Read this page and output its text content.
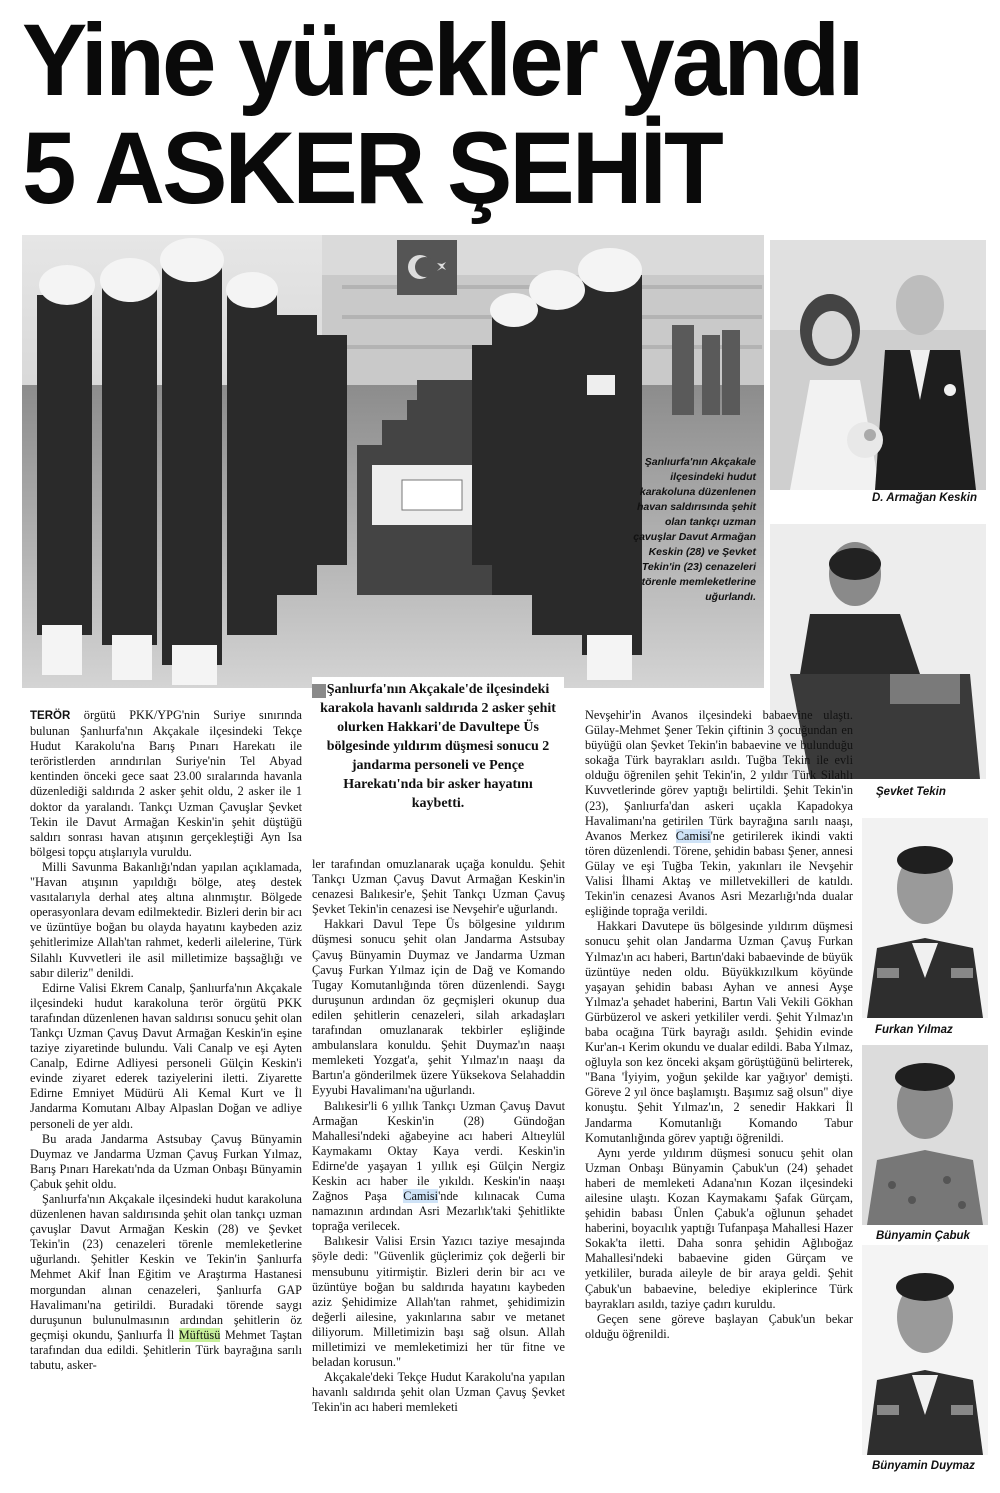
Yine yürekler yandı
5 ASKER ŞEHİT
Şanlıurfa'nın Akçakale ilçesindeki hudut karakoluna düzenlenen havan saldırısında şehit olan tankçı uzman çavuşlar Davut Armağan Keskin (28) ve Şevket Tekin'in (23) cenazeleri törenle memleketlerine uğurlandı.
D. Armağan Keskin
Şevket Tekin
Furkan Yılmaz
Bünyamin Çabuk
Bünyamin Duymaz
Şanlıurfa'nın Akçakale'de ilçesindeki karakola havanlı saldırıda 2 asker şehit olurken Hakkari'de Davultepe Üs bölgesinde yıldırım düşmesi sonucu 2 jandarma personeli ve Pençe Harekatı'nda bir asker hayatını kaybetti.

TERÖR örgütü PKK/YPG'nin Suriye sınırında bulunan Şanlıurfa'nın Akçakale ilçesindeki Tekçe Hudut Karakolu'na Barış Pınarı Harekatı ile teröristlerden arındırılan Suriye'nin Tel Abyad kentinden önceki gece saat 23.00 sıralarında havanla düzenlediği saldırıda 2 asker şehit oldu, 2 asker ile 1 doktor da yaralandı. Tankçı Uzman Çavuşlar Şevket Tekin ile Davut Armağan Keskin'in şehit düştüğü saldırı sonrası havan atışının gerçekleştiği Ayn Isa bölgesi topçu atışlarıyla vuruldu.

Milli Savunma Bakanlığı'ndan yapılan açıklamada, "Havan atışının yapıldığı bölge, ateş destek vasıtalarıyla derhal ateş altına alınmıştır. Bölgede operasyonlara devam edilmektedir. Bizleri derin bir acı ve üzüntüye boğan bu olayda hayatını kaybeden aziz şehitlerimize Allah'tan rahmet, kederli ailelerine, Türk Silahlı Kuvvetleri ile asil milletimize başsağlığı ve sabır dileriz" denildi.

Edirne Valisi Ekrem Canalp, Şanlıurfa'nın Akçakale ilçesindeki hudut karakoluna terör örgütü PKK tarafından düzenlenen havan saldırısı sonucu şehit olan Tankçı Uzman Çavuş Davut Armağan Keskin'in eşine taziye ziyaretinde bulundu. Vali Canalp ve eşi Ayten Canalp, Edirne Adliyesi personeli Gülçin Keskin'i evinde ziyaret ederek taziyelerini iletti. Ziyarette Edirne Emniyet Müdürü Ali Kemal Kurt ve İl Jandarma Komutanı Albay Alpaslan Doğan ve adliye personeli de yer aldı.

Bu arada Jandarma Astsubay Çavuş Bünyamin Duymaz ve Jandarma Uzman Çavuş Furkan Yılmaz, Barış Pınarı Harekatı'nda da Uzman Onbaşı Bünyamin Çabuk şehit oldu.

Şanlıurfa'nın Akçakale ilçesindeki hudut karakoluna düzenlenen havan saldırısında şehit olan tankçı uzman çavuşlar Davut Armağan Keskin (28) ve Şevket Tekin'in (23) cenazeleri törenle memleketlerine uğurlandı. Şehitler Keskin ve Tekin'in Şanlıurfa Mehmet Akif İnan Eğitim ve Araştırma Hastanesi morgundan alınan cenazeleri, Şanlıurfa GAP Havalimanı'na getirildi. Buradaki törende saygı duruşunun bulunulmasının ardından şehitlerin öz geçmişi okundu, Şanlıurfa İl Müftüsü Mehmet Taştan tarafından dua edildi. Şehitlerin Türk bayrağına sarılı tabutu, asker-

ler tarafından omuzlanarak uçağa konuldu. Şehit Tankçı Uzman Çavuş Davut Armağan Keskin'in cenazesi Balıkesir'e, Şehit Tankçı Uzman Çavuş Şevket Tekin'in cenazesi ise Nevşehir'e uğurlandı.

Hakkari Davul Tepe Üs bölgesine yıldırım düşmesi sonucu şehit olan Jandarma Astsubay Çavuş Bünyamin Duymaz ve Jandarma Uzman Çavuş Furkan Yılmaz için de Dağ ve Komando Tugay Komutanlığında tören düzenlendi. Saygı duruşunun ardından öz geçmişleri okunup dua edilen şehitlerin cenazeleri, silah arkadaşları tarafından omuzlanarak tekbirler eşliğinde ambulanslara konuldu. Şehit Duymaz'ın naaşı memleketi Yozgat'a, şehit Yılmaz'ın naaşı da Bartın'a gönderilmek üzere Yüksekova Selahaddin Eyyubi Havalimanı'na uğurlandı.

Balıkesir'li 6 yıllık Tankçı Uzman Çavuş Davut Armağan Keskin'in (28) Gündoğan Mahallesi'ndeki ağabeyine acı haberi Altıeylül Kaymakamı Oktay Kaya verdi. Keskin'in Edirne'de yaşayan 1 yıllık eşi Gülçin Nergiz Keskin acı haber ile yıkıldı. Keskin'in naaşı Zağnos Paşa Camisi'nde kılınacak Cuma namazının ardından Asri Mezarlık'taki Şehitlikte toprağa verilecek.

Balıkesir Valisi Ersin Yazıcı taziye mesajında şöyle dedi: "Güvenlik güçlerimiz çok değerli bir mensubunu yitirmiştir. Bizleri derin bir acı ve üzüntüye boğan bu saldırıda hayatını kaybeden aziz Şehidimize Allah'tan rahmet, şehidimizin değerli ailesine, yakınlarına sabır ve metanet diliyorum. Milletimizin başı sağ olsun. Allah milletimizi ve memleketimizi her tür fitne ve beladan korusun."

Akçakale'deki Tekçe Hudut Karakolu'na yapılan havanlı saldırıda şehit olan Uzman Çavuş Şevket Tekin'in acı haberi memleketi

Nevşehir'in Avanos ilçesindeki babaevine ulaştı. Gülay-Mehmet Şener Tekin çiftinin 3 çocuğundan en büyüğü olan Şevket Tekin'in babaevine ve bulunduğu sokağa Türk bayrakları asıldı. Tuğba Tekin ile evli olduğu öğrenilen şehit Tekin'in, 2 yıldır Türk Silahlı Kuvvetlerinde görev yaptığı belirtildi. Şehit Tekin'in (23), Şanlıurfa'dan askeri uçakla Kapadokya Havalimanı'na getirilen Türk bayrağına sarılı naaşı, Avanos Merkez Camisi'ne getirilerek ikindi vakti tören düzenlendi. Törene, şehidin babası Şener, annesi Gülay ve eşi Tuğba Tekin, yakınları ile Nevşehir Valisi İlhami Aktaş ve milletvekilleri de katıldı. Tekin'in cenazesi Avanos Asri Mezarlığı'nda dualar eşliğinde toprağa verildi.

Hakkari Davutepe üs bölgesinde yıldırım düşmesi sonucu şehit olan Jandarma Uzman Çavuş Furkan Yılmaz'ın acı haberi, Bartın'daki babaevinde de büyük üzüntüye neden oldu. Büyükkızılkum köyünde yaşayan şehidin babası Ayhan ve annesi Ayşe Yılmaz'a şehadet haberini, Bartın Vali Vekili Gökhan Gürbüzerol ve askeri yetkililer verdi. Şehit Yılmaz'ın baba ocağına Türk bayrağı asıldı. Şehidin evinde Kur'an-ı Kerim okundu ve dualar edildi. Baba Yılmaz, oğluyla son kez önceki akşam görüştüğünü belirterek, "Bana 'İyiyim, yoğun şekilde kar yağıyor' demişti. Göreve 2 yıl önce başlamıştı. Başımız sağ olsun" diye konuştu. Şehit Yılmaz'ın, 2 senedir Hakkari İl Jandarma Komutanlığı Komando Tabur Komutanlığında görev yaptığı öğrenildi.

Aynı yerde yıldırım düşmesi sonucu şehit olan Uzman Onbaşı Bünyamin Çabuk'un (24) şehadet haberi de memleketi Adana'nın Kozan ilçesindeki ailesine ulaştı. Kozan Kaymakamı Şafak Gürçam, şehidin babası Ünlen Çabuk'a oğlunun şehadet haberini, boyacılık yaptığı Tufanpaşa Mahallesi Hazer Sokak'ta iletti. Daha sonra şehidin Ağlıboğaz Mahallesi'ndeki babaevine giden Gürçam ve yetkililer, burada aileyle de bir araya geldi. Şehit Çabuk'un babaevine, belediye ekiplerince Türk bayrakları asıldı, taziye çadırı kuruldu.

Geçen sene göreve başlayan Çabuk'un bekar olduğu öğrenildi.
